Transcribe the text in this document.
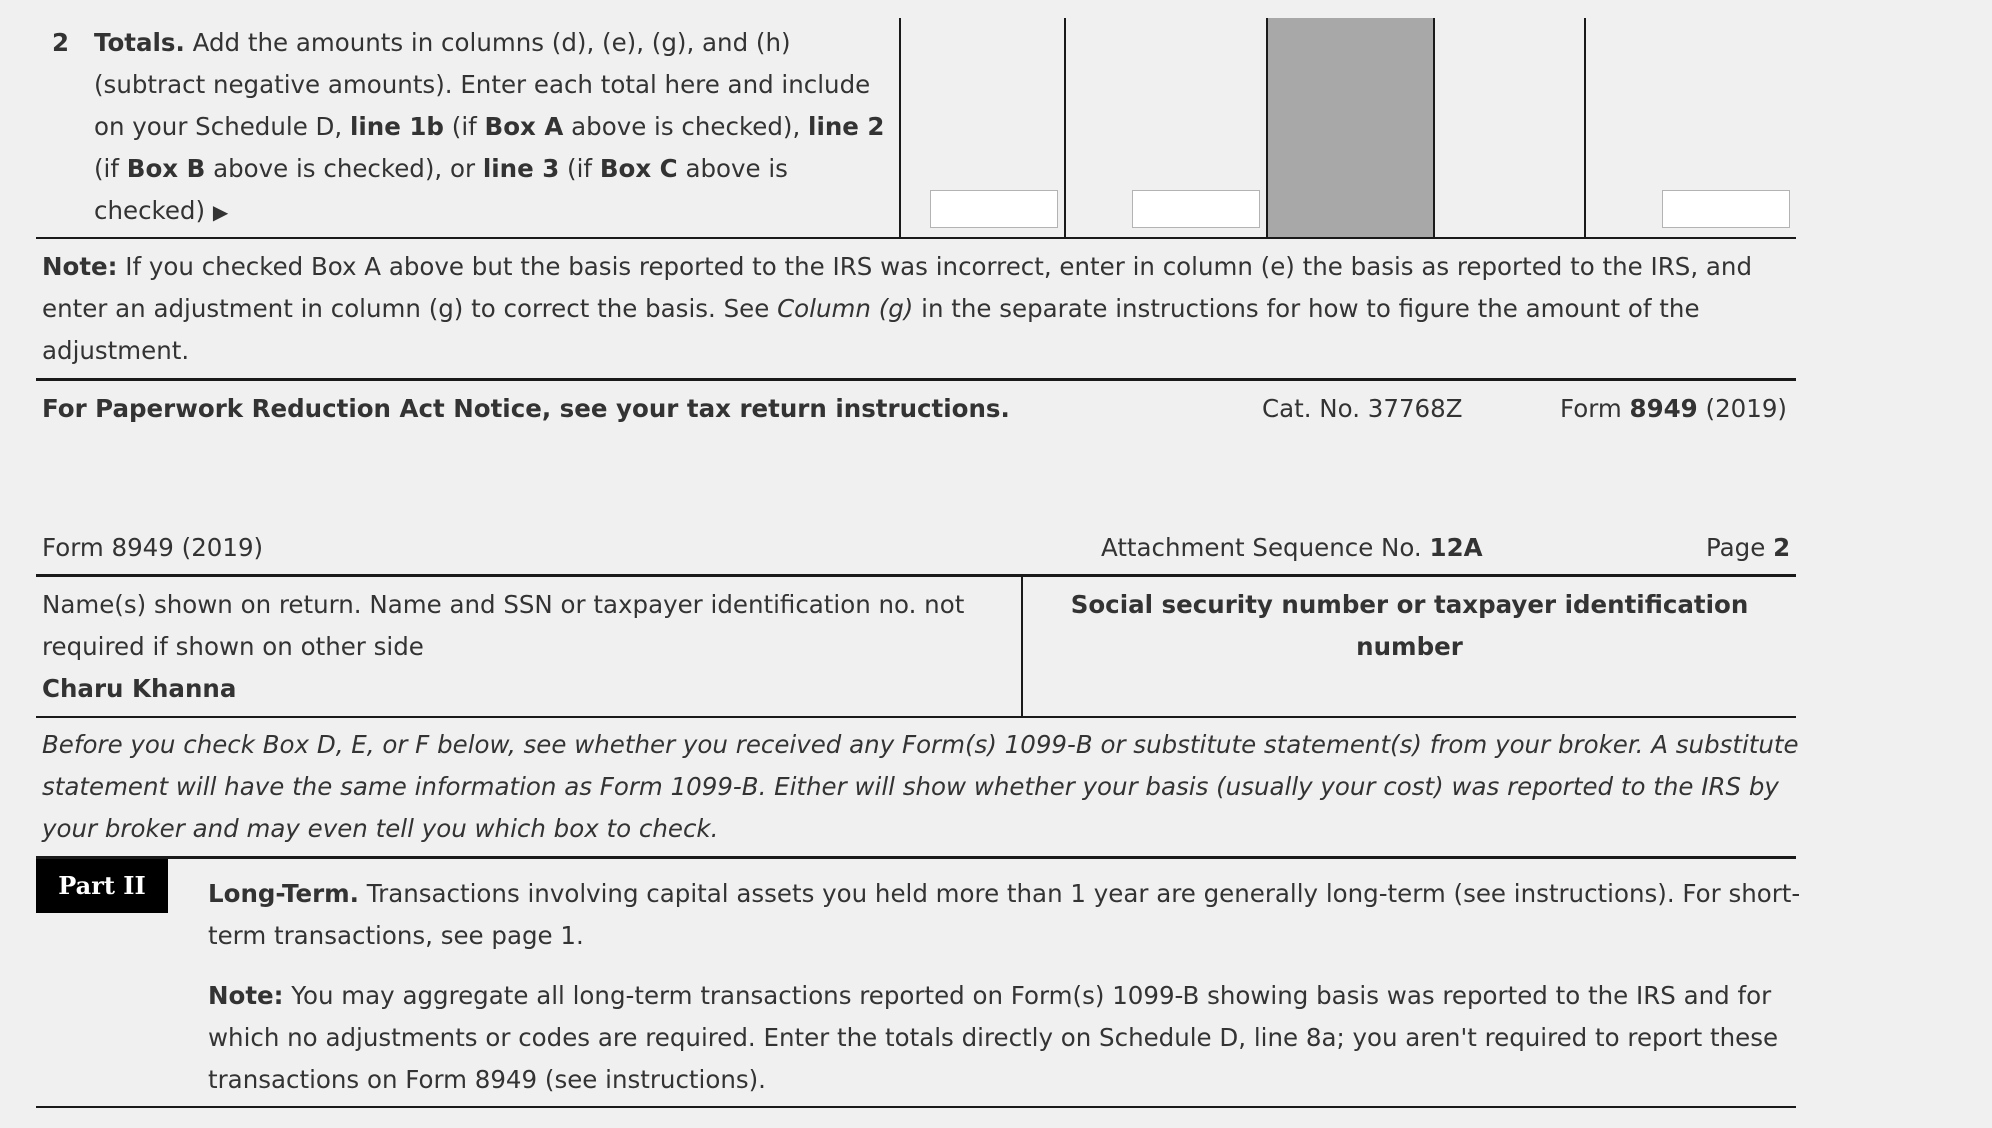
2 Totals. Add the amounts in columns (d), (e), (g), and (h)
(subtract negative amounts). Enter each total here and include
on your Schedule D, line 1b (if Box A above is checked), line 2
(if Box B above is checked), or line 3 (if Box C above is
checked) ▶
Note: If you checked Box A above but the basis reported to the IRS was incorrect, enter in column (e) the basis as reported to the IRS, and
enter an adjustment in column (g) to correct the basis. See Column (g) in the separate instructions for how to figure the amount of the
adjustment.
For Paperwork Reduction Act Notice, see your tax return instructions.	Cat. No. 37768Z	Form 8949 (2019)
Form 8949 (2019)	Attachment Sequence No. 12A	Page 2
Name(s) shown on return. Name and SSN or taxpayer identification no. not
required if shown on other side
Charu Khanna
Social security number or taxpayer identification
number
Before you check Box D, E, or F below, see whether you received any Form(s) 1099-B or substitute statement(s) from your broker. A substitute
statement will have the same information as Form 1099-B. Either will show whether your basis (usually your cost) was reported to the IRS by
your broker and may even tell you which box to check.
Part II	Long-Term. Transactions involving capital assets you held more than 1 year are generally long-term (see instructions). For short-
term transactions, see page 1.
Note: You may aggregate all long-term transactions reported on Form(s) 1099-B showing basis was reported to the IRS and for
which no adjustments or codes are required. Enter the totals directly on Schedule D, line 8a; you aren't required to report these
transactions on Form 8949 (see instructions).
